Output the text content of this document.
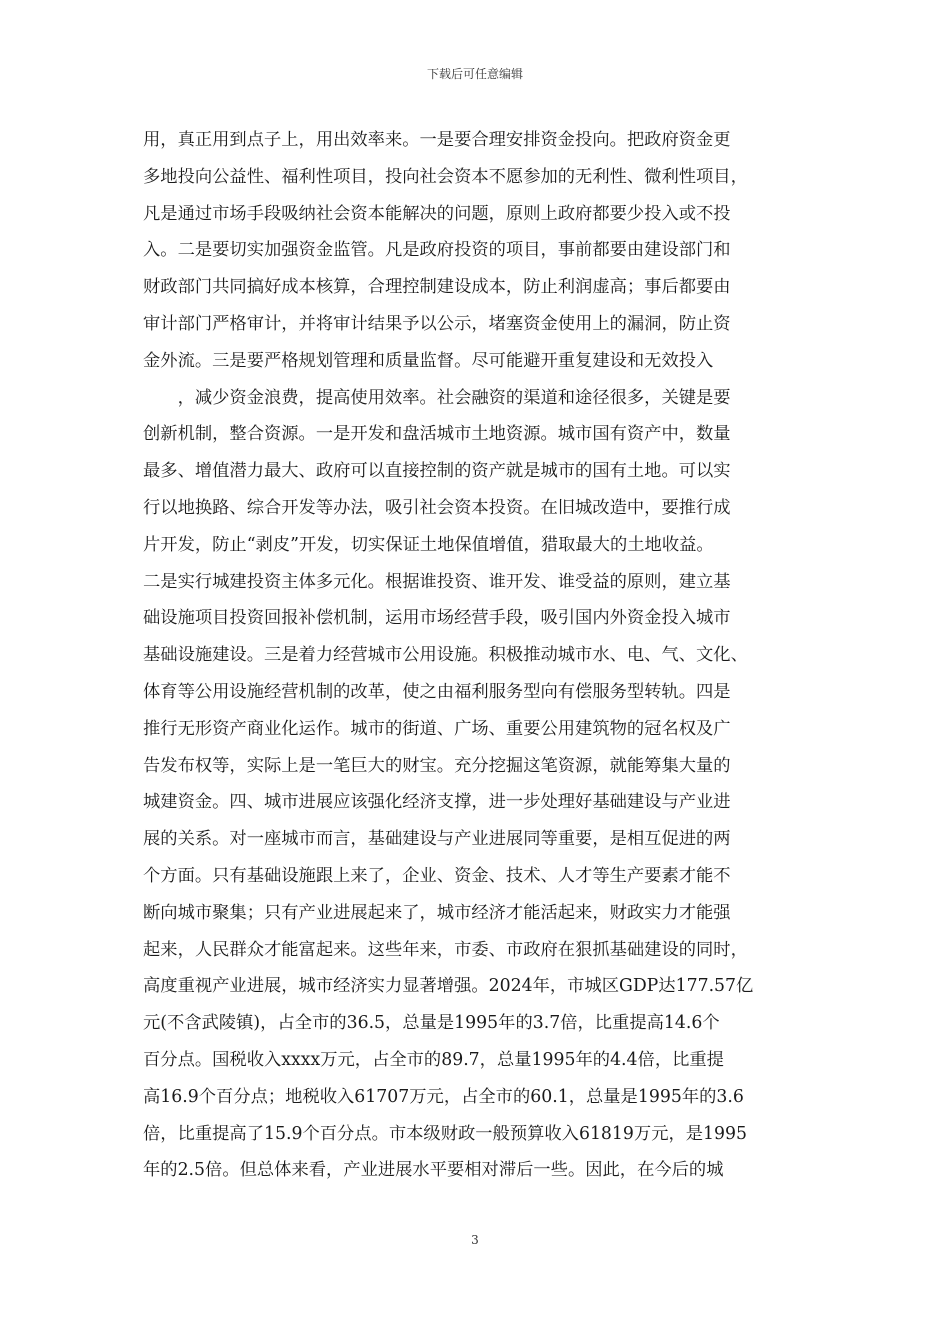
下载后可任意编辑
用，真正用到点子上，用出效率来。一是要合理安排资金投向。把政府资金更
多地投向公益性、福利性项目，投向社会资本不愿参加的无利性、微利性项目，
凡是通过市场手段吸纳社会资本能解决的问题，原则上政府都要少投入或不投
入。二是要切实加强资金监管。凡是政府投资的项目，事前都要由建设部门和
财政部门共同搞好成本核算，合理控制建设成本，防止利润虚高；事后都要由
审计部门严格审计，并将审计结果予以公示，堵塞资金使用上的漏洞，防止资
金外流。三是要严格规划管理和质量监督。尽可能避开重复建设和无效投入
　　，减少资金浪费，提高使用效率。社会融资的渠道和途径很多，关键是要
创新机制，整合资源。一是开发和盘活城市土地资源。城市国有资产中，数量
最多、增值潜力最大、政府可以直接控制的资产就是城市的国有土地。可以实
行以地换路、综合开发等办法，吸引社会资本投资。在旧城改造中，要推行成
片开发，防止“剥皮”开发，切实保证土地保值增值，猎取最大的土地收益。
二是实行城建投资主体多元化。根据谁投资、谁开发、谁受益的原则，建立基
础设施项目投资回报补偿机制，运用市场经营手段，吸引国内外资金投入城市
基础设施建设。三是着力经营城市公用设施。积极推动城市水、电、气、文化、
体育等公用设施经营机制的改革，使之由福利服务型向有偿服务型转轨。四是
推行无形资产商业化运作。城市的街道、广场、重要公用建筑物的冠名权及广
告发布权等，实际上是一笔巨大的财宝。充分挖掘这笔资源，就能筹集大量的
城建资金。四、城市进展应该强化经济支撑，进一步处理好基础建设与产业进
展的关系。对一座城市而言，基础建设与产业进展同等重要，是相互促进的两
个方面。只有基础设施跟上来了，企业、资金、技术、人才等生产要素才能不
断向城市聚集；只有产业进展起来了，城市经济才能活起来，财政实力才能强
起来，人民群众才能富起来。这些年来，市委、市政府在狠抓基础建设的同时，
高度重视产业进展，城市经济实力显著增强。2024年，市城区GDP达177.57亿
元(不含武陵镇)，占全市的36.5，总量是1995年的3.7倍，比重提高14.6个
百分点。国税收入xxxx万元，占全市的89.7，总量1995年的4.4倍，比重提
高16.9个百分点；地税收入61707万元，占全市的60.1，总量是1995年的3.6
倍，比重提高了15.9个百分点。市本级财政一般预算收入61819万元，是1995
年的2.5倍。但总体来看，产业进展水平要相对滞后一些。因此，在今后的城
3
